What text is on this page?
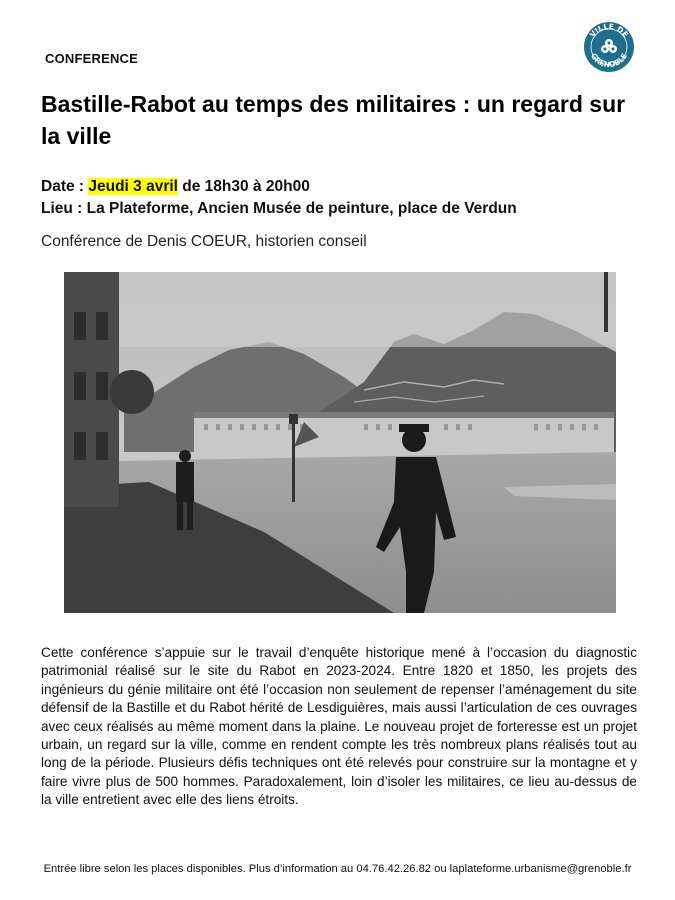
CONFERENCE
VILLE DE
GRENOBLE
Bastille-Rabot au temps des militaires : un regard sur la ville
Date : Jeudi 3 avril de 18h30 à 20h00
Lieu : La Plateforme, Ancien Musée de peinture, place de Verdun
Conférence de Denis COEUR, historien conseil
Cette conférence s’appuie sur le travail d’enquête historique mené à l’occasion du diagnostic patrimonial réalisé sur le site du Rabot en 2023-2024. Entre 1820 et 1850, les projets des ingénieurs du génie militaire ont été l’occasion non seulement de repenser l’aménagement du site défensif de la Bastille et du Rabot hérité de Lesdiguières, mais aussi l’articulation de ces ouvrages avec ceux réalisés au même moment dans la plaine. Le nouveau projet de forteresse est un projet urbain, un regard sur la ville, comme en rendent compte les très nombreux plans réalisés tout au long de la période. Plusieurs défis techniques ont été relevés pour construire sur la montagne et y faire vivre plus de 500 hommes. Paradoxalement, loin d’isoler les militaires, ce lieu au-dessus de la ville entretient avec elle des liens étroits.
Entrée libre selon les places disponibles. Plus d’information au 04.76.42.26.82 ou laplateforme.urbanisme@grenoble.fr
